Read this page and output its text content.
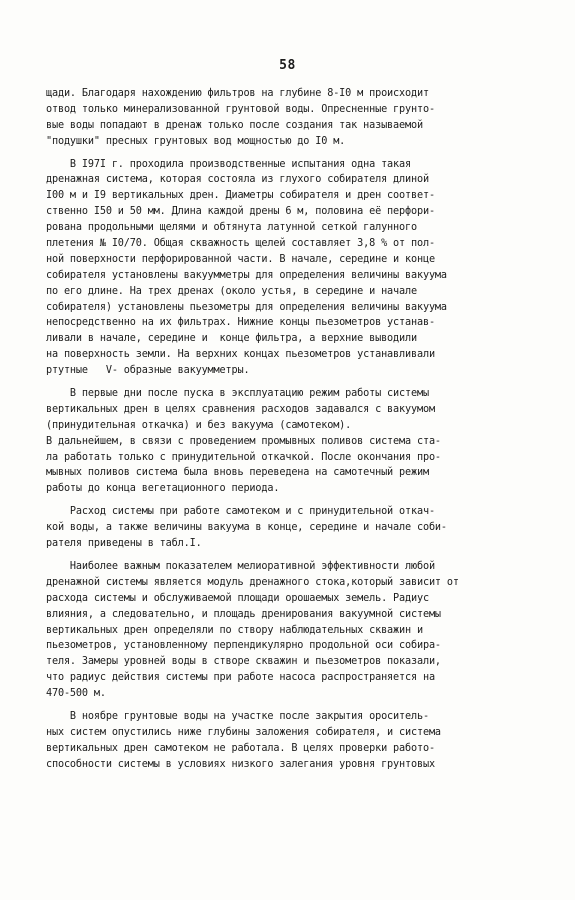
58
щади. Благодаря нахождению фильтров на глубине 8-I0 м происходит
отвод только минерализованной грунтовой воды. Опресненные грунто-
вые воды попадают в дренаж только после создания так называемой
"подушки" пресных грунтовых вод мощностью до I0 м.
В I97I г. проходила производственные испытания одна такая
дренажная система, которая состояла из глухого собирателя длиной
I00 м и I9 вертикальных дрен. Диаметры собирателя и дрен соответ-
ственно I50 и 50 мм. Длина каждой дрены 6 м, половина её перфори-
рована продольными щелями и обтянута латунной сеткой галунного
плетения № I0/70. Общая скважность щелей составляет 3,8 % от пол-
ной поверхности перфорированной части. В начале, середине и конце
собирателя установлены вакуумметры для определения величины вакуума
по его длине. На трех дренах (около устья, в середине и начале
собирателя) установлены пьезометры для определения величины вакуума
непосредственно на их фильтрах. Нижние концы пьезометров устанав-
ливали в начале, середине и  конце фильтра, а верхние выводили
на поверхность земли. На верхних концах пьезометров устанавливали
ртутные   V- образные вакуумметры.
В первые дни после пуска в эксплуатацию режим работы системы
вертикальных дрен в целях сравнения расходов задавался с вакуумом
(принудительная откачка) и без вакуума (самотеком).
В дальнейшем, в связи с проведением промывных поливов система ста-
ла работать только с принудительной откачкой. После окончания про-
мывных поливов система была вновь переведена на самотечный режим
работы до конца вегетационного периода.
Расход системы при работе самотеком и с принудительной откач-
кой воды, а также величины вакуума в конце, середине и начале соби-
рателя приведены в табл.I.
Наиболее важным показателем мелиоративной эффективности любой
дренажной системы является модуль дренажного стока,который зависит от
расхода системы и обслуживаемой площади орошаемых земель. Радиус
влияния, а следовательно, и площадь дренирования вакуумной системы
вертикальных дрен определяли по створу наблюдательных скважин и
пьезометров, установленному перпендикулярно продольной оси собира-
теля. Замеры уровней воды в створе скважин и пьезометров показали,
что радиус действия системы при работе насоса распространяется на
470-500 м.
В ноябре грунтовые воды на участке после закрытия ороситель-
ных систем опустились ниже глубины заложения собирателя, и система
вертикальных дрен самотеком не работала. В целях проверки работо-
способности системы в условиях низкого залегания уровня грунтовых
